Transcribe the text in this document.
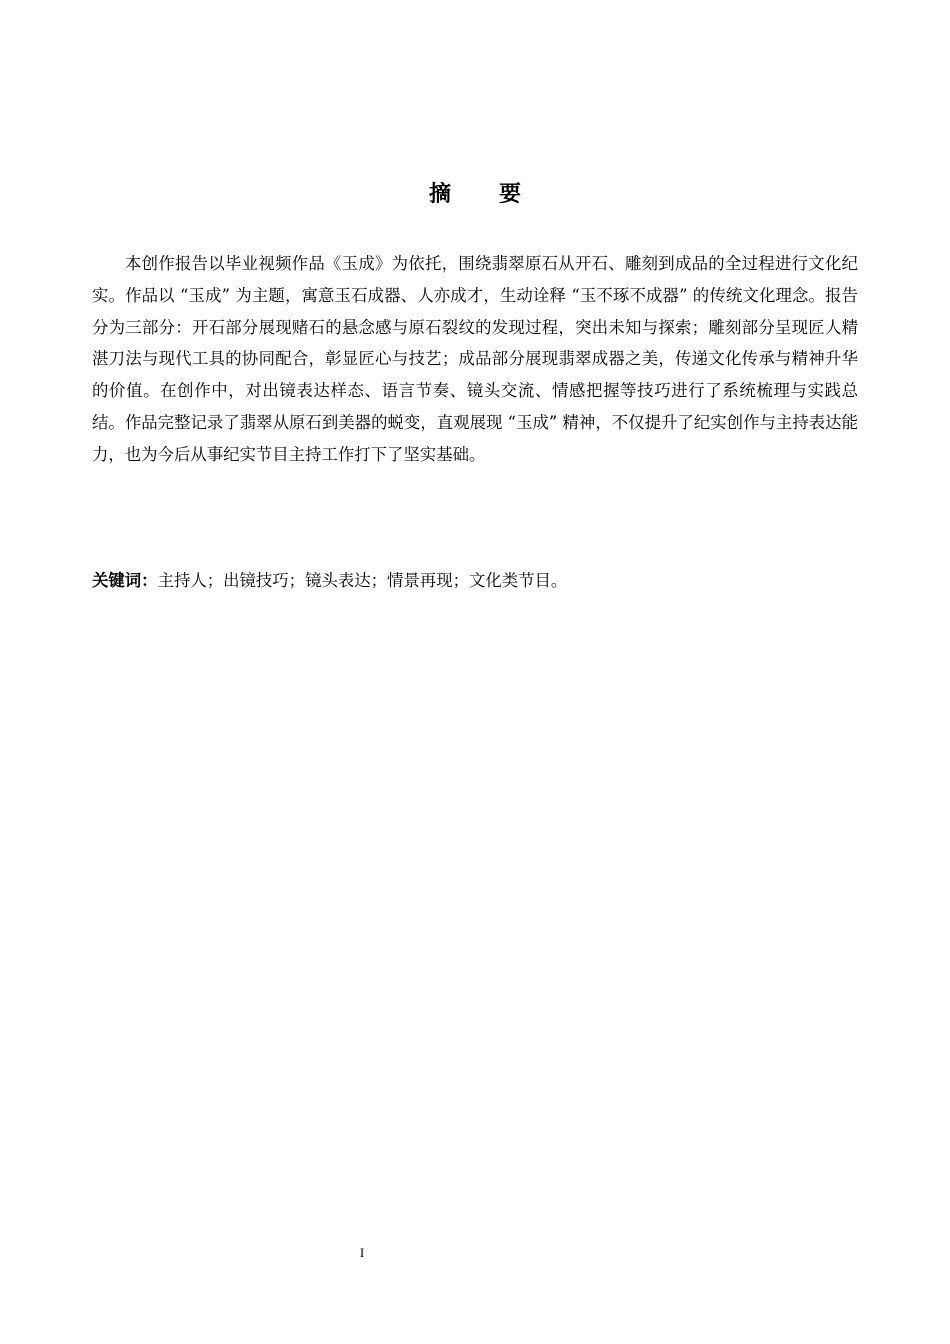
摘 要

本创作报告以毕业视频作品《玉成》为依托，围绕翡翠原石从开石、雕刻到成品的全过程进行文化纪实。作品以 “玉成” 为主题，寓意玉石成器、人亦成才，生动诠释 “玉不琢不成器” 的传统文化理念。报告分为三部分：开石部分展现赌石的悬念感与原石裂纹的发现过程，突出未知与探索；雕刻部分呈现匠人精湛刀法与现代工具的协同配合，彰显匠心与技艺；成品部分展现翡翠成器之美，传递文化传承与精神升华的价值。在创作中，对出镜表达样态、语言节奏、镜头交流、情感把握等技巧进行了系统梳理与实践总结。作品完整记录了翡翠从原石到美器的蜕变，直观展现 “玉成” 精神，不仅提升了纪实创作与主持表达能力，也为今后从事纪实节目主持工作打下了坚实基础。

关键词：主持人；出镜技巧；镜头表达；情景再现；文化类节目。

I
